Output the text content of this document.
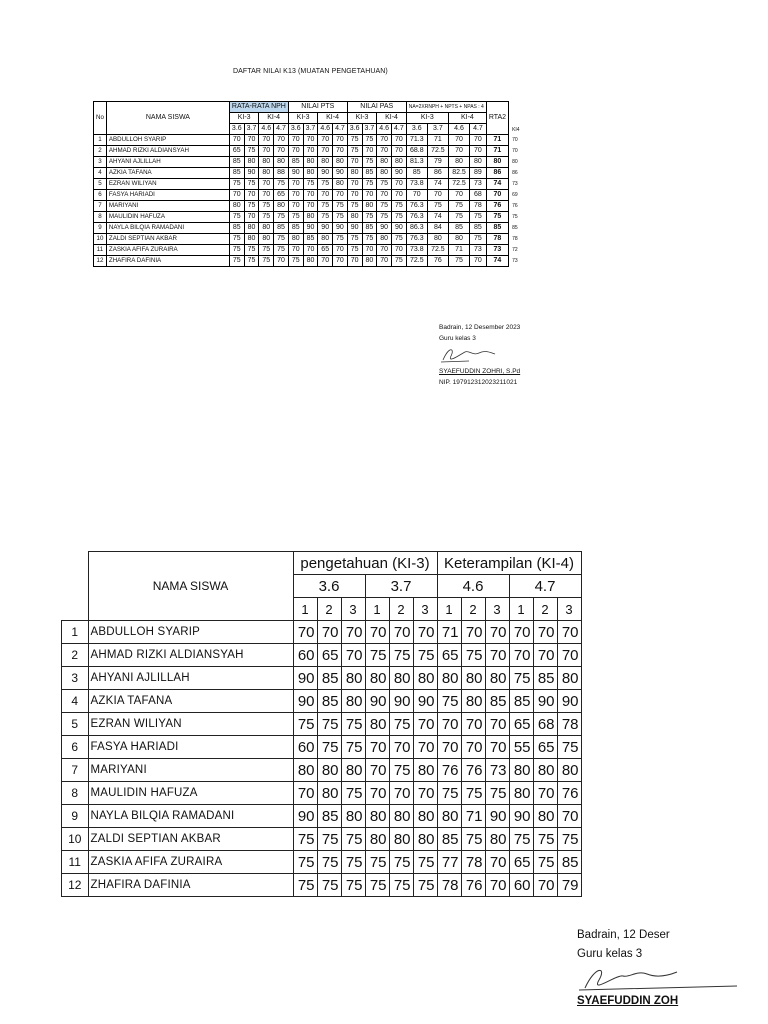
DAFTAR NILAI K13 (MUATAN PENGETAHUAN)
No	NAMA SISWA	RATA-RATA NPH				NILAI PTS				NILAI PAS				NA=2XRNPH + NPTS + NPAS : 4				RTA2	KI4
		KI-3		KI-4		KI-3		KI-4		KI-3		KI-4		KI-3		KI-4			
		3.6	3.7	4.6	4.7	3.6	3.7	4.6	4.7	3.6	3.7	4.6	4.7	3.6	3.7	4.6	4.7		
1	ABDULLOH SYARIP	70	70	70	70	70	70	70	70	75	75	70	70	71.3	71	70	70	71	70
2	AHMAD RIZKI ALDIANSYAH	65	75	70	70	70	70	70	70	75	70	70	70	68.8	72.5	70	70	71	70
3	AHYANI AJLILLAH	85	80	80	80	85	80	80	80	70	75	80	80	81.3	79	80	80	80	80
4	AZKIA TAFANA	85	90	80	88	90	80	90	90	80	85	80	90	85	86	82.5	89	86	86
5	EZRAN WILIYAN	75	75	70	75	70	75	75	80	70	75	75	70	73.8	74	72.5	73	74	73
6	FASYA HARIADI	70	70	70	65	70	70	70	70	70	70	70	70	70	70	70	68	70	69
7	MARIYANI	80	75	75	80	70	70	75	75	75	80	75	75	76.3	75	75	78	76	76
8	MAULIDIN HAFUZA	75	70	75	75	75	80	75	75	80	75	75	75	76.3	74	75	75	75	75
9	NAYLA BILQIA RAMADANI	85	80	80	85	85	90	90	90	90	85	90	90	86.3	84	85	85	85	85
10	ZALDI SEPTIAN AKBAR	75	80	80	75	80	85	80	75	75	75	80	75	76.3	80	80	75	78	78
11	ZASKIA AFIFA ZURAIRA	75	75	75	75	70	70	65	70	75	70	70	70	73.8	72.5	71	73	73	72
12	ZHAFIRA DAFINIA	75	75	75	70	75	80	70	70	70	80	70	75	72.5	76	75	70	74	73
Badrain, 12 Desember 2023
Guru kelas 3
SYAEFUDDIN ZOHRI, S.Pd
NIP. 197912312023211021
	NAMA SISWA	pengetahuan (KI-3)						Keterampilan (KI-4)					
		3.6			3.7			4.6			4.7		
		1	2	3	1	2	3	1	2	3	1	2	3
1	ABDULLOH SYARIP	70	70	70	70	70	70	71	70	70	70	70	70
2	AHMAD RIZKI ALDIANSYAH	60	65	70	75	75	75	65	75	70	70	70	70
3	AHYANI AJLILLAH	90	85	80	80	80	80	80	80	80	75	85	80
4	AZKIA TAFANA	90	85	80	90	90	90	75	80	85	85	90	90
5	EZRAN WILIYAN	75	75	75	80	75	70	70	70	70	65	68	78
6	FASYA HARIADI	60	75	75	70	70	70	70	70	70	55	65	75
7	MARIYANI	80	80	80	70	75	80	76	76	73	80	80	80
8	MAULIDIN HAFUZA	70	80	75	70	70	70	75	75	75	80	70	76
9	NAYLA BILQIA RAMADANI	90	85	80	80	80	80	80	71	90	90	80	70
10	ZALDI SEPTIAN AKBAR	75	75	75	80	80	80	85	75	80	75	75	75
11	ZASKIA AFIFA ZURAIRA	75	75	75	75	75	75	77	78	70	65	75	85
12	ZHAFIRA DAFINIA	75	75	75	75	75	75	78	76	70	60	70	79
Badrain, 12 Deser
Guru kelas 3
SYAEFUDDIN ZOH
